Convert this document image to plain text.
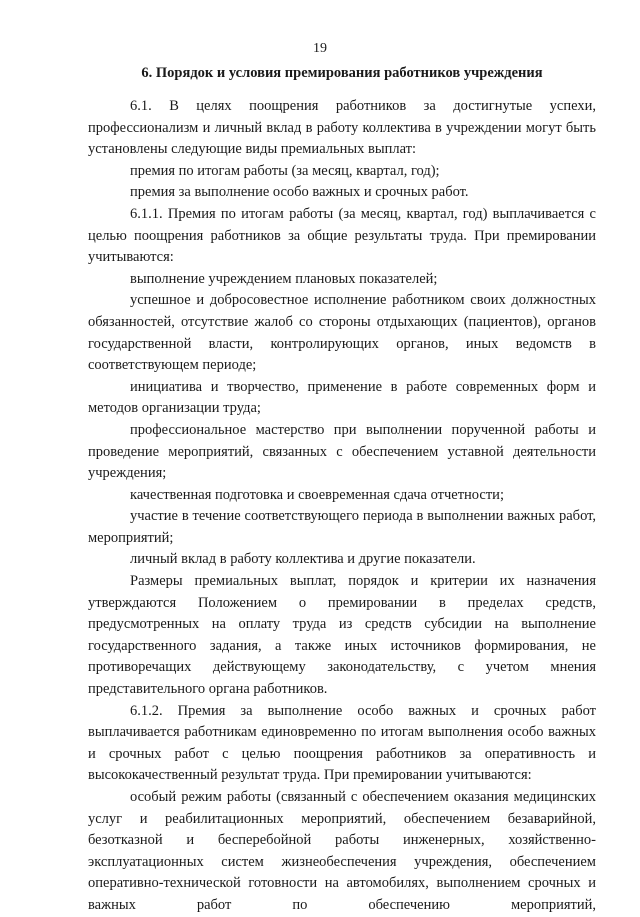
19
6. Порядок и условия премирования работников учреждения

6.1. В целях поощрения работников за достигнутые успехи, профессионализм и личный вклад в работу коллектива в учреждении могут быть установлены следующие виды премиальных выплат:

премия по итогам работы (за месяц, квартал, год);

премия за выполнение особо важных и срочных работ.

6.1.1. Премия по итогам работы (за месяц, квартал, год) выплачивается с целью поощрения работников за общие результаты труда. При премировании учитываются:

выполнение учреждением плановых показателей;

успешное и добросовестное исполнение работником своих должностных обязанностей, отсутствие жалоб со стороны отдыхающих (пациентов), органов государственной власти, контролирующих органов, иных ведомств в соответствующем периоде;

инициатива и творчество, применение в работе современных форм и методов организации труда;

профессиональное мастерство при выполнении порученной работы и проведение мероприятий, связанных с обеспечением уставной деятельности учреждения;

качественная подготовка и своевременная сдача отчетности;

участие в течение соответствующего периода в выполнении важных работ, мероприятий;

личный вклад в работу коллектива и другие показатели.

Размеры премиальных выплат, порядок и критерии их назначения утверждаются Положением о премировании в пределах средств, предусмотренных на оплату труда из средств субсидии на выполнение государственного задания, а также иных источников формирования, не противоречащих действующему законодательству, с учетом мнения представительного органа работников.

6.1.2. Премия за выполнение особо важных и срочных работ выплачивается работникам единовременно по итогам выполнения особо важных и срочных работ с целью поощрения работников за оперативность и высококачественный результат труда. При премировании учитываются:

особый режим работы (связанный с обеспечением оказания медицинских услуг и реабилитационных мероприятий, обеспечением безаварийной, безотказной и бесперебойной работы инженерных, хозяйственно-эксплуатационных систем жизнеобеспечения учреждения, обеспечением оперативно-технической готовности на автомобилях, выполнением срочных и важных работ по обеспечению мероприятий,
